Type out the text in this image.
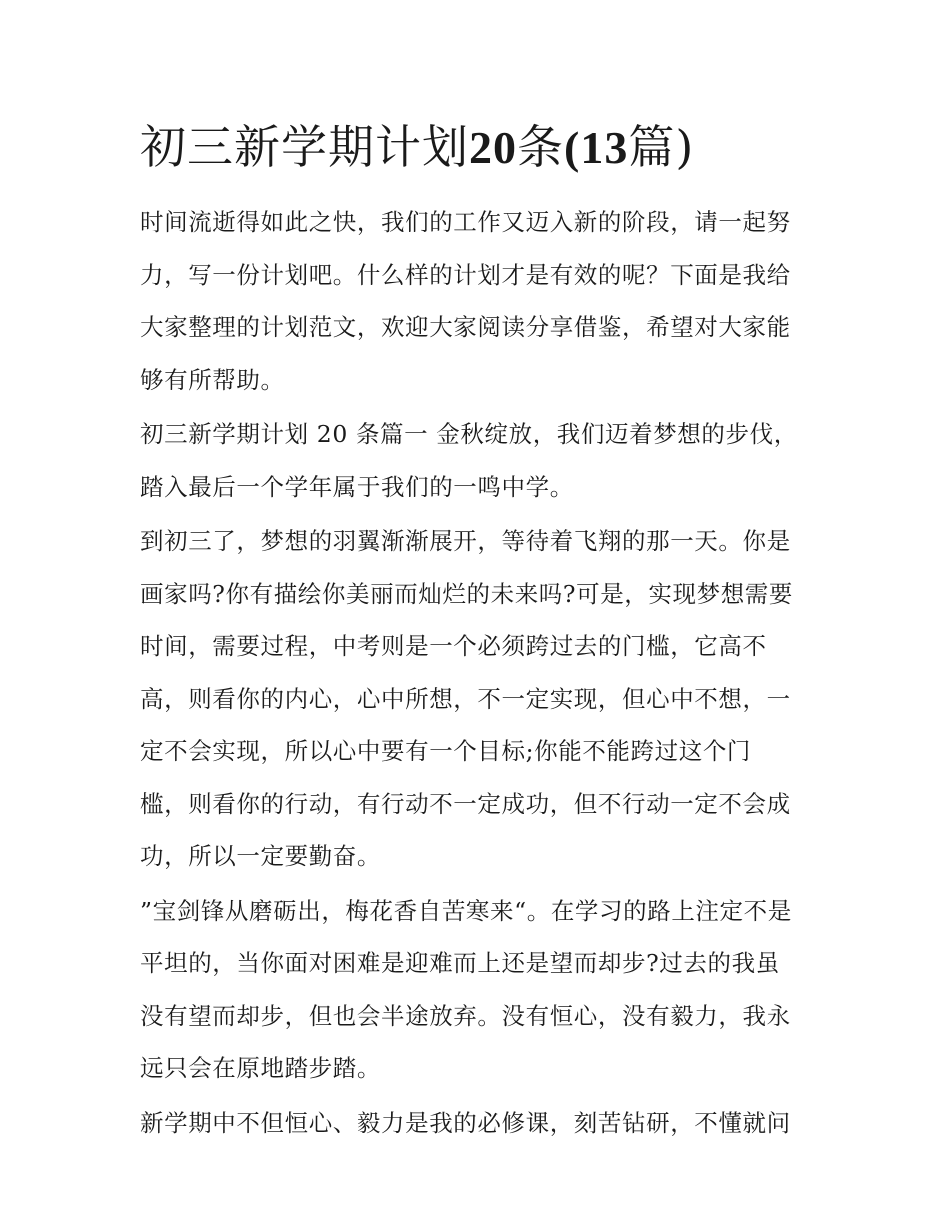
初三新学期计划20条(13篇)

时间流逝得如此之快，我们的工作又迈入新的阶段，请一起努
力，写一份计划吧。什么样的计划才是有效的呢？下面是我给
大家整理的计划范文，欢迎大家阅读分享借鉴，希望对大家能
够有所帮助。

初三新学期计划 20 条篇一 金秋绽放，我们迈着梦想的步伐，
踏入最后一个学年属于我们的一鸣中学。

到初三了，梦想的羽翼渐渐展开，等待着飞翔的那一天。你是
画家吗?你有描绘你美丽而灿烂的未来吗?可是，实现梦想需要
时间，需要过程，中考则是一个必须跨过去的门槛，它高不
高，则看你的内心，心中所想，不一定实现，但心中不想，一
定不会实现，所以心中要有一个目标;你能不能跨过这个门
槛，则看你的行动，有行动不一定成功，但不行动一定不会成
功，所以一定要勤奋。

”宝剑锋从磨砺出，梅花香自苦寒来“。在学习的路上注定不是
平坦的，当你面对困难是迎难而上还是望而却步?过去的我虽
没有望而却步，但也会半途放弃。没有恒心，没有毅力，我永
远只会在原地踏步踏。

新学期中不但恒心、毅力是我的必修课，刻苦钻研，不懂就问
